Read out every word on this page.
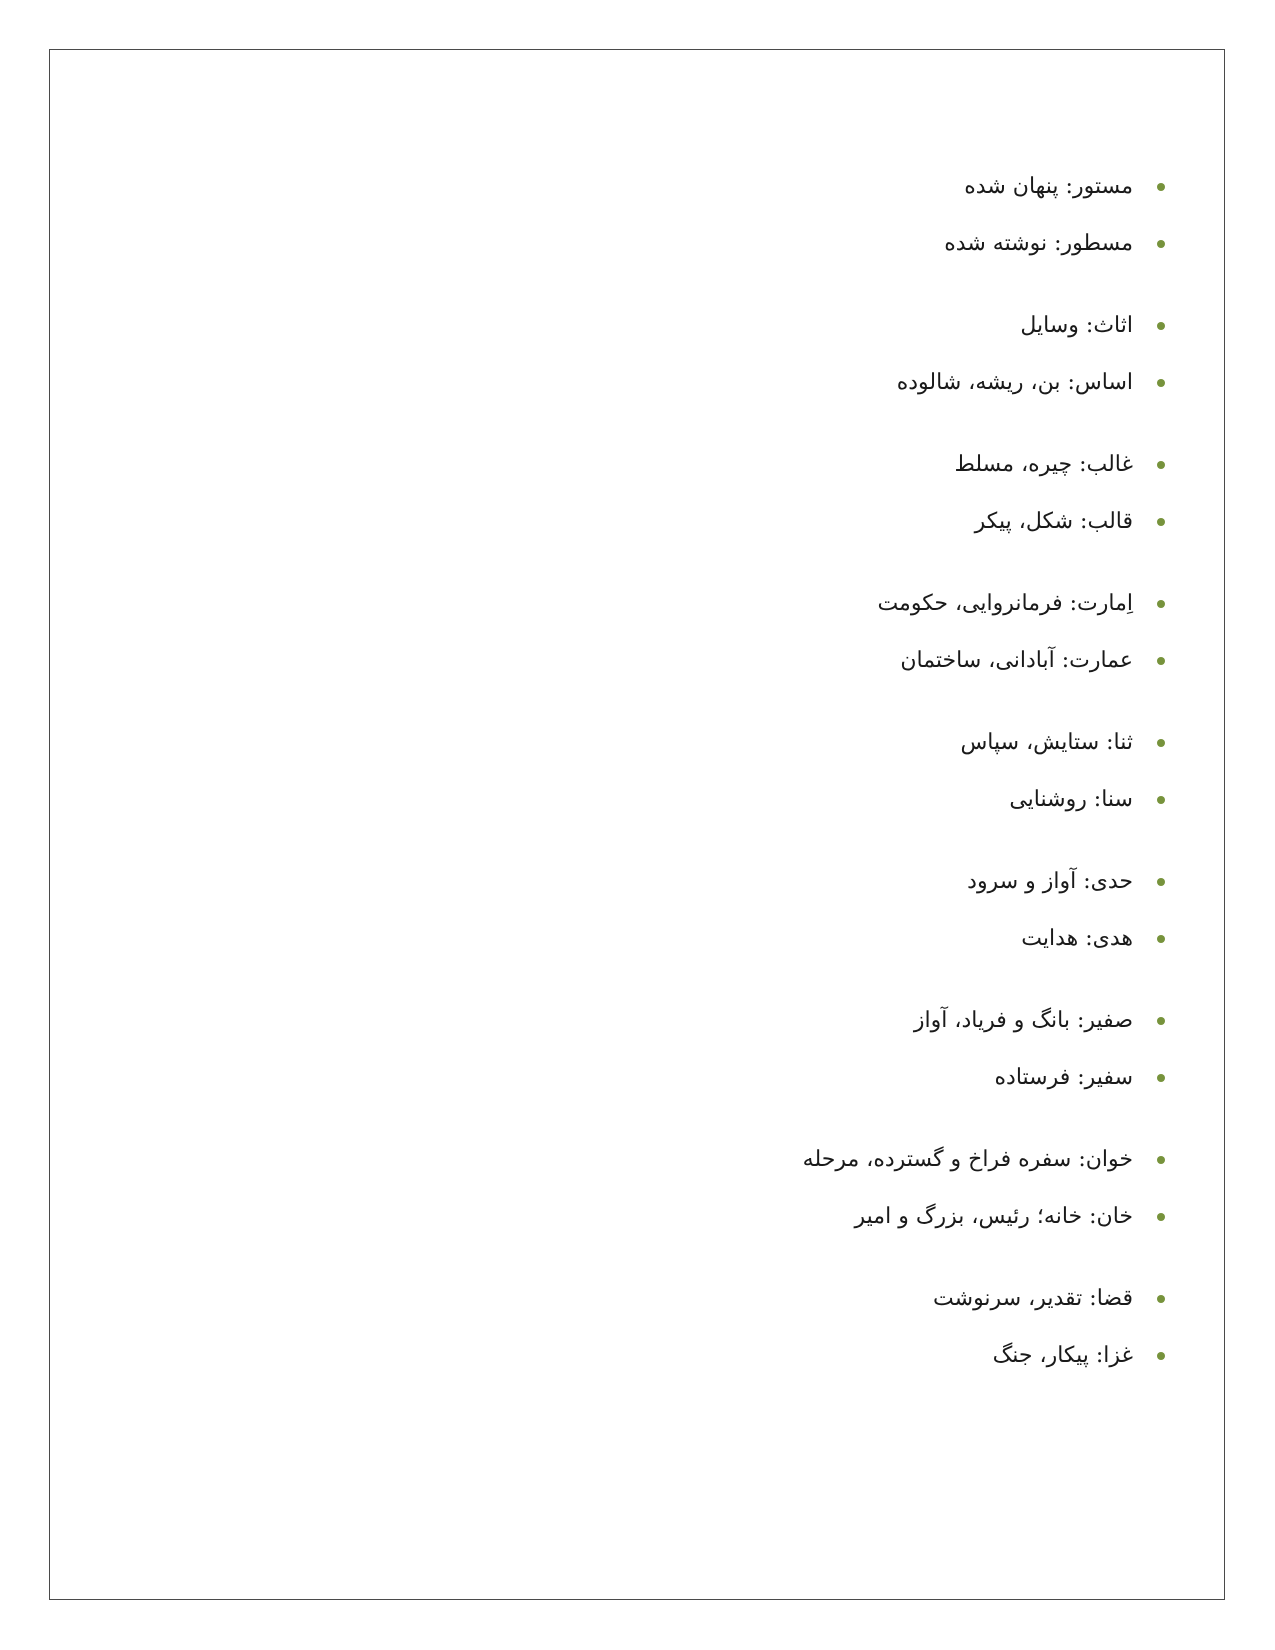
مستور: پنهان شده
مسطور: نوشته شده
اثاث: وسایل
اساس: بن، ریشه، شالوده
غالب: چیره، مسلط
قالب: شکل، پیکر
اِمارت: فرمانروایی، حکومت
عمارت: آبادانی، ساختمان
ثنا: ستایش، سپاس
سنا: روشنایی
حدی: آواز و سرود
هدی: هدایت
صفیر: بانگ و فریاد، آواز
سفیر: فرستاده
خوان: سفره فراخ و گسترده، مرحله
خان: خانه؛ رئیس، بزرگ و امیر
قضا: تقدیر، سرنوشت
غزا: پیکار، جنگ
